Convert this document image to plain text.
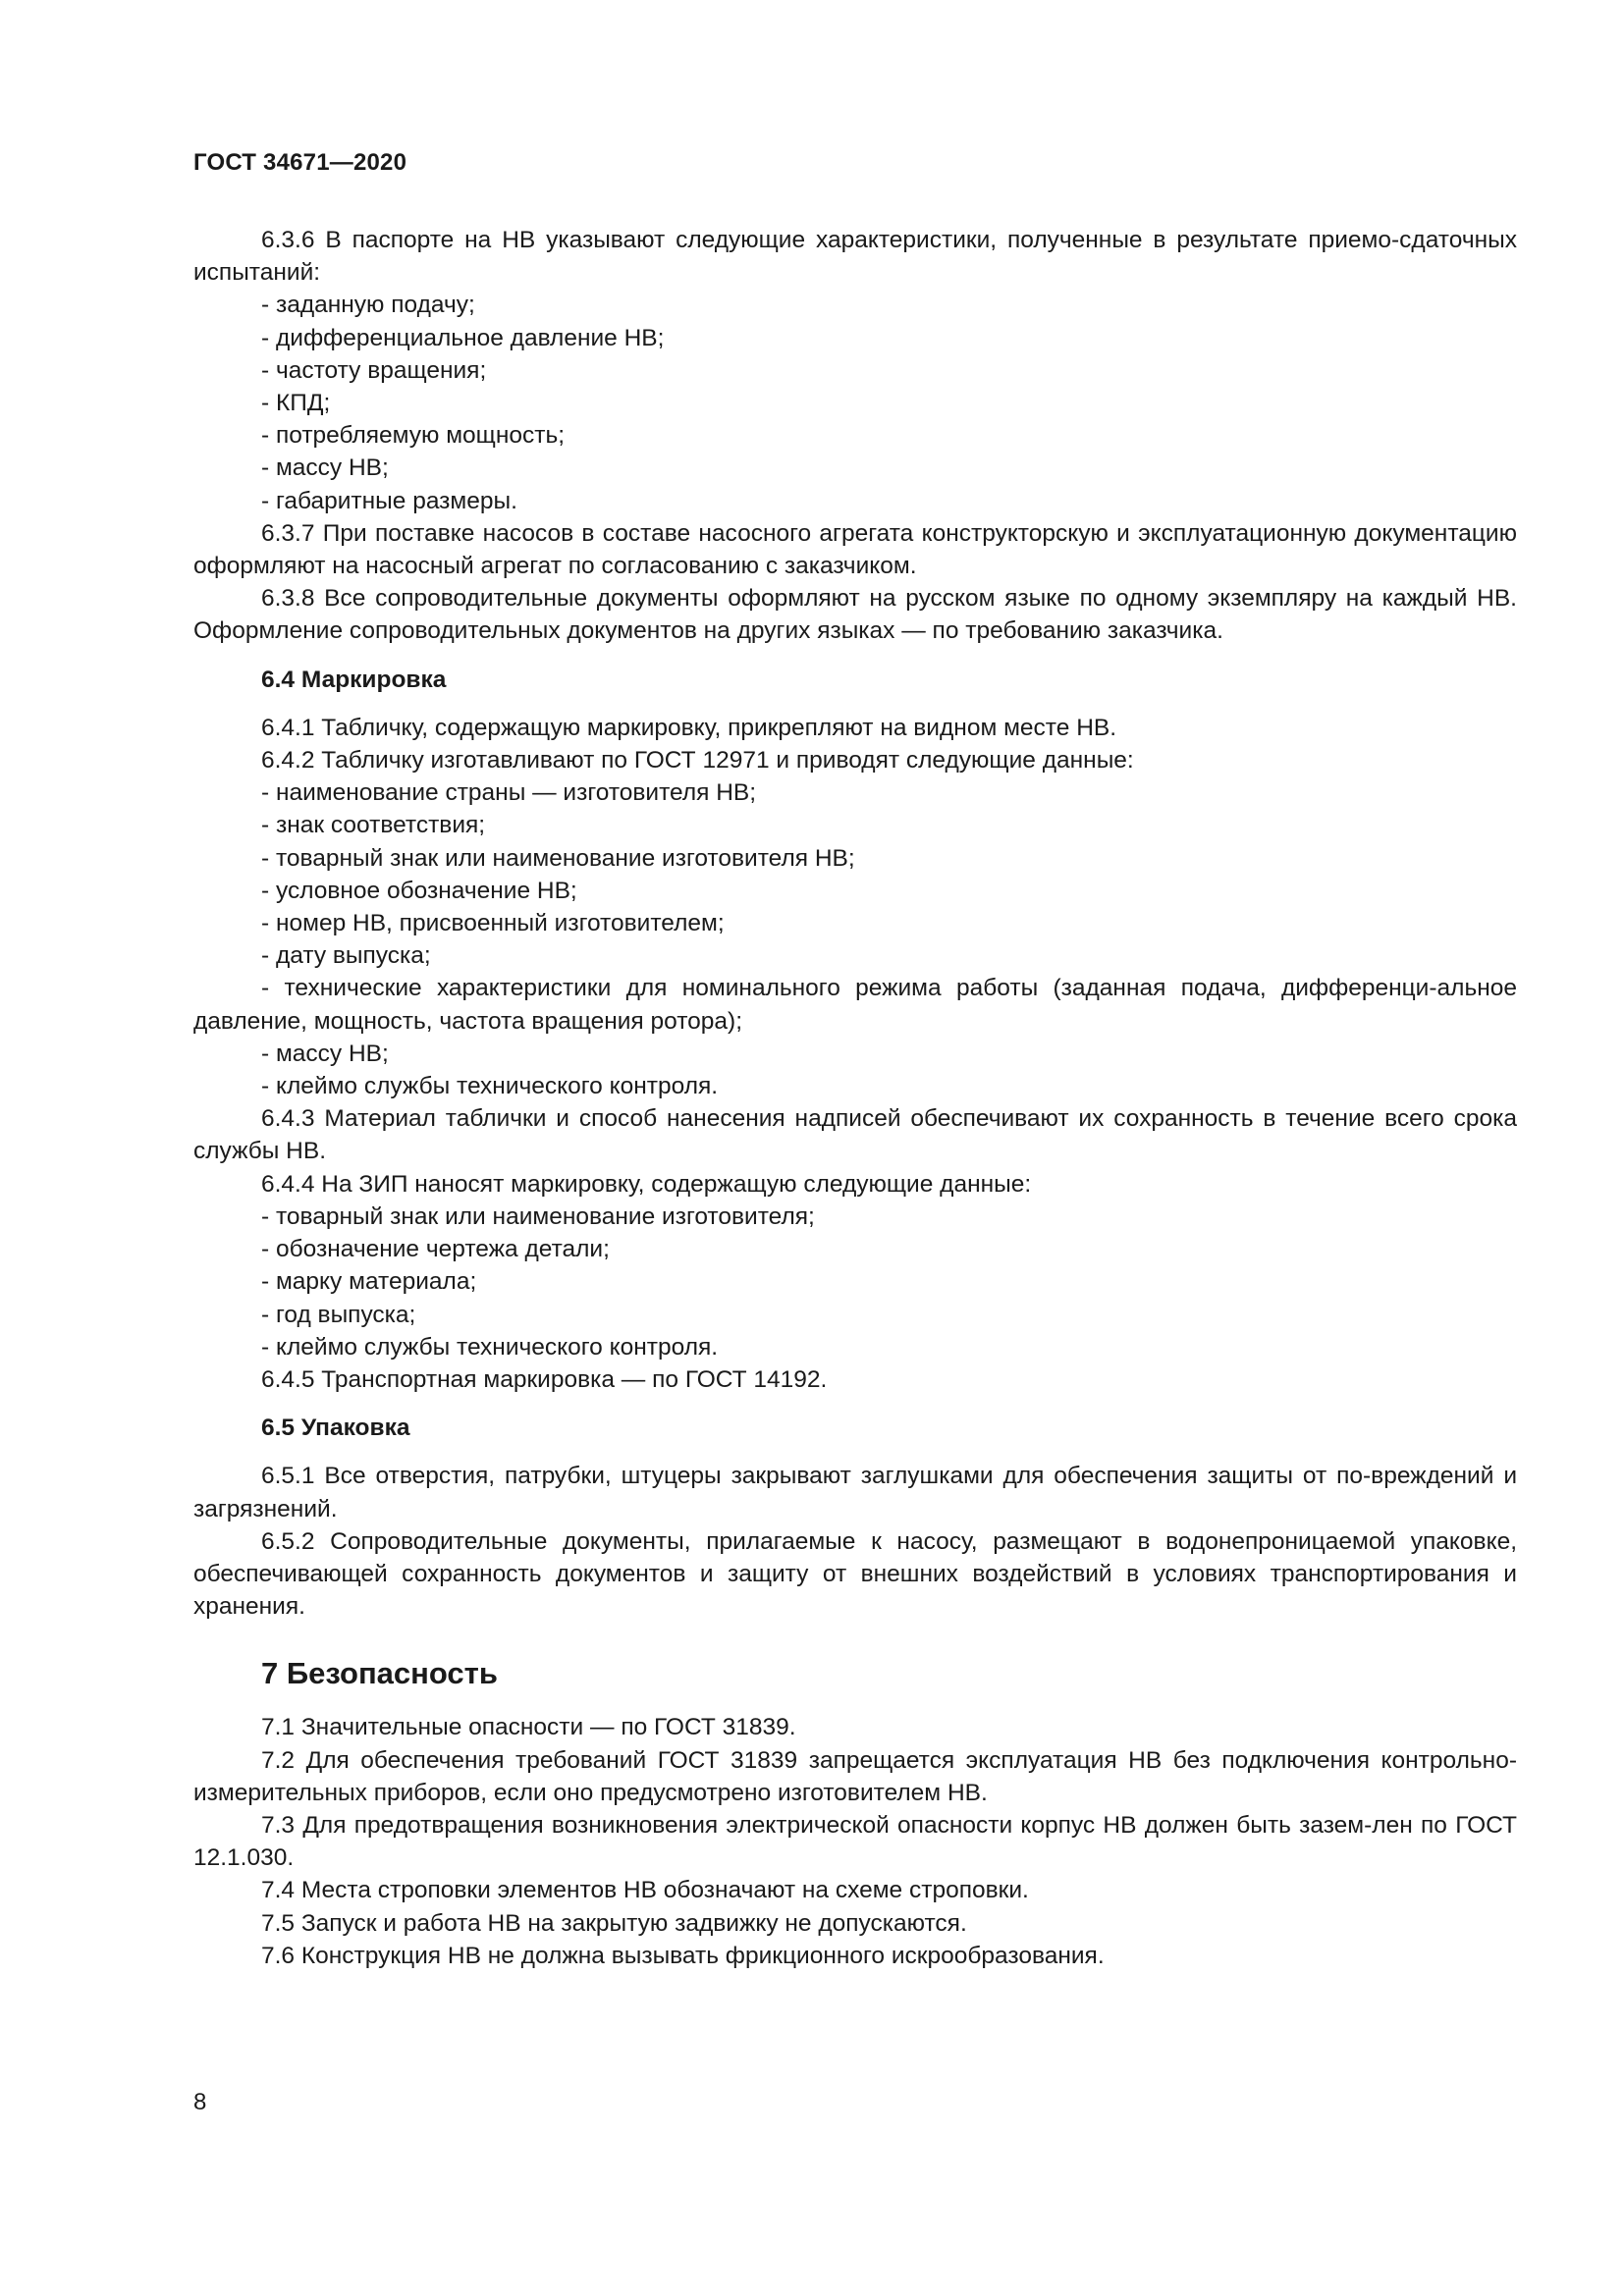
ГОСТ 34671—2020

6.3.6 В паспорте на НВ указывают следующие характеристики, полученные в результате приемо-сдаточных испытаний:

- заданную подачу;
- дифференциальное давление НВ;
- частоту вращения;
- КПД;
- потребляемую мощность;
- массу НВ;
- габаритные размеры.

6.3.7 При поставке насосов в составе насосного агрегата конструкторскую и эксплуатационную документацию оформляют на насосный агрегат по согласованию с заказчиком.

6.3.8 Все сопроводительные документы оформляют на русском языке по одному экземпляру на каждый НВ. Оформление сопроводительных документов на других языках — по требованию заказчика.

6.4 Маркировка

6.4.1 Табличку, содержащую маркировку, прикрепляют на видном месте НВ.

6.4.2 Табличку изготавливают по ГОСТ 12971 и приводят следующие данные:

- наименование страны — изготовителя НВ;
- знак соответствия;
- товарный знак или наименование изготовителя НВ;
- условное обозначение НВ;
- номер НВ, присвоенный изготовителем;
- дату выпуска;

- технические характеристики для номинального режима работы (заданная подача, дифференци-альное давление, мощность, частота вращения ротора);

- массу НВ;
- клеймо службы технического контроля.

6.4.3 Материал таблички и способ нанесения надписей обеспечивают их сохранность в течение всего срока службы НВ.

6.4.4 На ЗИП наносят маркировку, содержащую следующие данные:

- товарный знак или наименование изготовителя;
- обозначение чертежа детали;
- марку материала;
- год выпуска;
- клеймо службы технического контроля.

6.4.5 Транспортная маркировка — по ГОСТ 14192.

6.5 Упаковка

6.5.1 Все отверстия, патрубки, штуцеры закрывают заглушками для обеспечения защиты от по-вреждений и загрязнений.

6.5.2 Сопроводительные документы, прилагаемые к насосу, размещают в водонепроницаемой упаковке, обеспечивающей сохранность документов и защиту от внешних воздействий в условиях транспортирования и хранения.

7 Безопасность

7.1 Значительные опасности — по ГОСТ 31839.

7.2 Для обеспечения требований ГОСТ 31839 запрещается эксплуатация НВ без подключения контрольно-измерительных приборов, если оно предусмотрено изготовителем НВ.

7.3 Для предотвращения возникновения электрической опасности корпус НВ должен быть зазем-лен по ГОСТ 12.1.030.

7.4 Места строповки элементов НВ обозначают на схеме строповки.

7.5 Запуск и работа НВ на закрытую задвижку не допускаются.

7.6 Конструкция НВ не должна вызывать фрикционного искрообразования.

8
